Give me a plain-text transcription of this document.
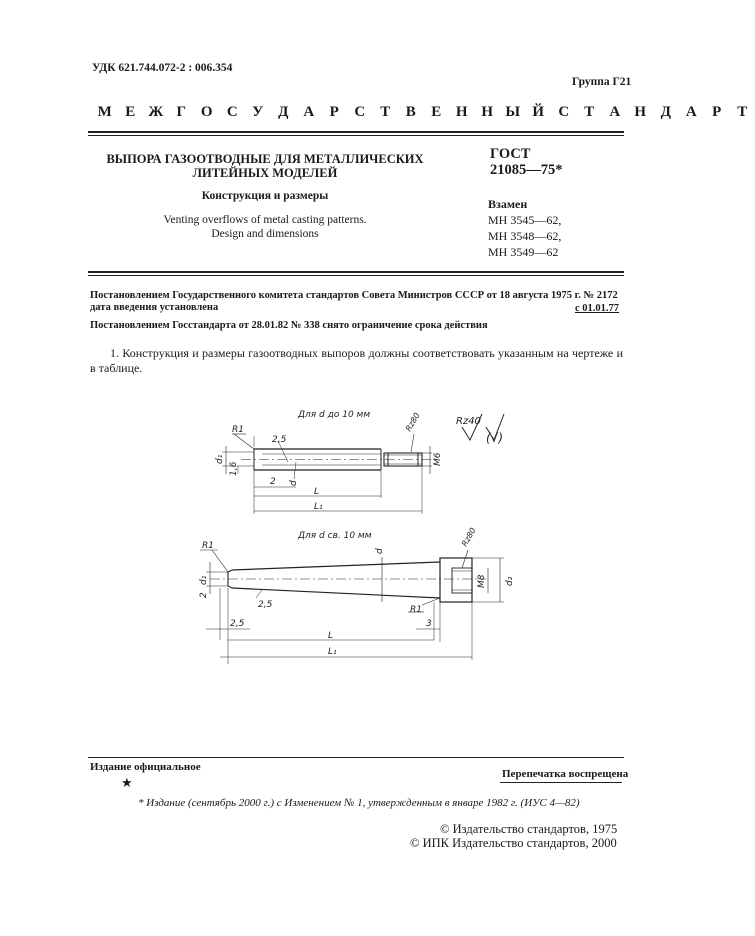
УДК 621.744.072-2 : 006.354
Группа Г21
М Е Ж Г О С У Д А	Р	С	Т	В	Е Н Н Ы Й С	Т	А Н Д А	Р	Т
ВЫПОРА ГАЗООТВОДНЫЕ ДЛЯ МЕТАЛЛИЧЕСКИХ
ЛИТЕЙНЫХ МОДЕЛЕЙ
Конструкция и размеры
Venting overflows of metal casting patterns.
Design and dimensions
ГОСТ
21085—75*
Взамен
МН 3545—62,
МН 3548—62,
МН 3549—62
Постановлением Государственного комитета стандартов Совета Министров СССР от 18 августа 1975 г. № 2172 дата введения установлена	с 01.01.77
Постановлением Госстандарта от 28.01.82 № 338 снято ограничение срока действия
1. Конструкция и размеры газоотводных выпоров должны соответствовать указанным на чертеже и в таблице.
Для d до 10 мм
Для d св. 10 мм
Rz40
(√)
R1
2,5
d₁
1,6
2 d
L
L₁
Rz80
M6
R1
d₁
2
d
Rz80
M8 d₂
R1
2,5
2,5	3
L
L₁
Издание официальное
★
Перепечатка воспрещена
* Издание (сентябрь 2000 г.) с Изменением № 1, утвержденным в январе 1982 г. (ИУС 4—82)
© Издательство стандартов, 1975
© ИПК Издательство стандартов, 2000
